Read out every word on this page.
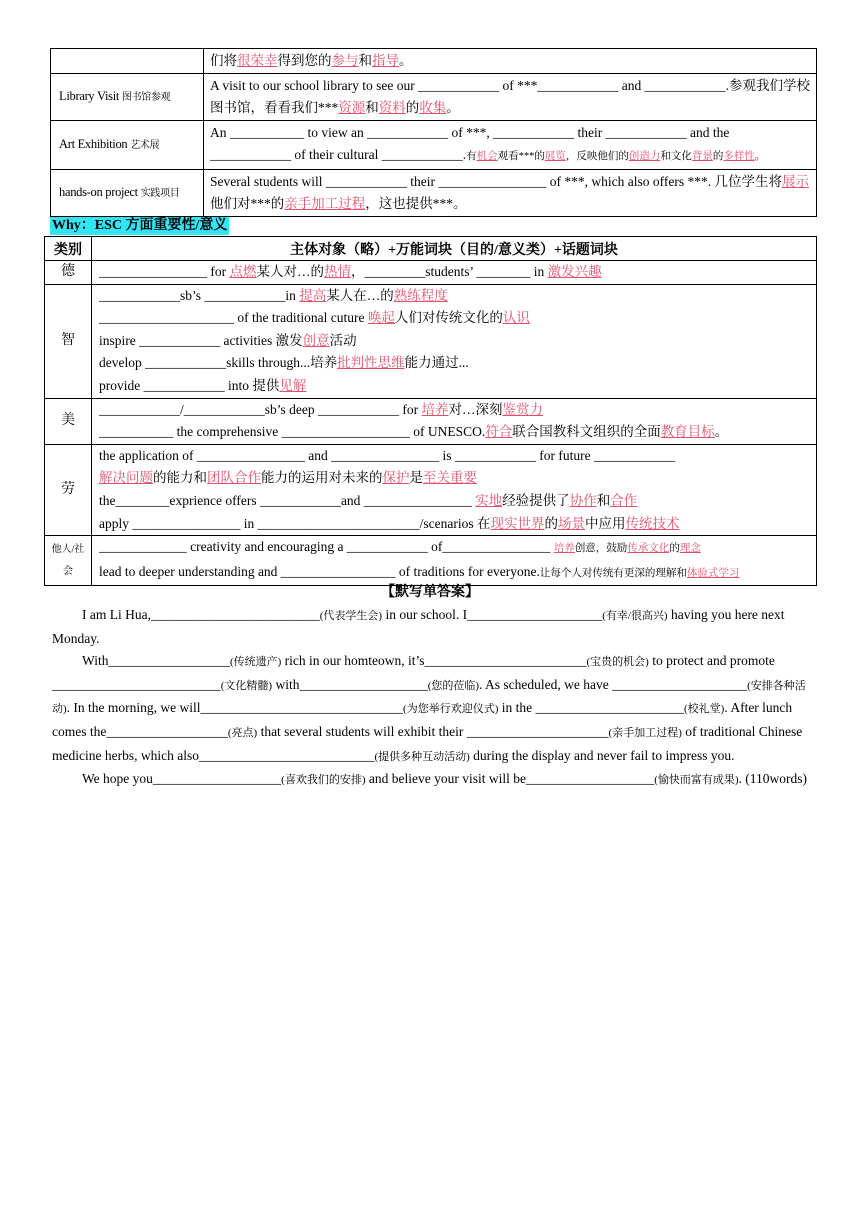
	们将很荣幸得到您的参与和指导。
Library Visit 图书馆参观	A visit to our school library to see our ____________ of ***____________ and ____________.参观我们学校图书馆，看看我们***资源和资料的收集。
Art Exhibition 艺术展	An ___________ to view an ____________ of ***, ____________ their ____________ and the ____________ of their cultural ____________.有机会观看***的展览，反映他们的创造力和文化背景的多样性。
hands-on project 实践项目	Several students will ____________ their ________________ of ***, which also offers ***. 几位学生将展示他们对***的亲手加工过程，这也提供***。
Why：ESC 方面重要性/意义
类别	主体对象（略）+万能词块（目的/意义类）+话题词块
德	________________ for 点燃某人对…的热情，_________students’ ________ in 激发兴趣

智	____________sb’s ____________in 提高某人在…的熟练程度
____________________ of the traditional cuture 唤起人们对传统文化的认识
inspire ____________ activities 激发创意活动
develop ____________skills through...培养批判性思维能力通过...
provide ____________ into 提供见解

美	____________/____________sb’s deep ____________ for 培养对…深刻鉴赏力
___________ the comprehensive ___________________ of UNESCO.符合联合国教科文组织的全面教育目标。

劳	the application of ________________ and ________________ is ____________ for future ____________
解决问题的能力和团队合作能力的运用对未来的保护是至关重要
the________exprience offers ____________and ________________ 实地经验提供了协作和合作
apply ________________ in ________________________/scenarios 在现实世界的场景中应用传统技术

他人/社会	_____________ creativity and encouraging a ____________ of________________ 培养创意，鼓励传承文化的理念
lead to deeper understanding and _________________ of traditions for everyone.让每个人对传统有更深的理解和体验式学习
【默写单答案】

I am Li Hua,_________________________(代表学生会) in our school. I____________________(有幸/很高兴) having you here next Monday.

With__________________(传统遗产) rich in our homteown, it’s________________________(宝贵的机会) to protect and promote _________________________(文化精髓) with___________________(您的莅临). As scheduled, we have ____________________(安排各种活动). In the morning, we will______________________________(为您举行欢迎仪式) in the ______________________(校礼堂). After lunch comes the__________________(亮点) that several students will exhibit their _____________________(亲手加工过程) of traditional Chinese medicine herbs, which also__________________________(提供多种互动活动) during the display and never fail to impress you.

We hope you___________________(喜欢我们的安排) and believe your visit will be___________________(愉快而富有成果). (110words)
